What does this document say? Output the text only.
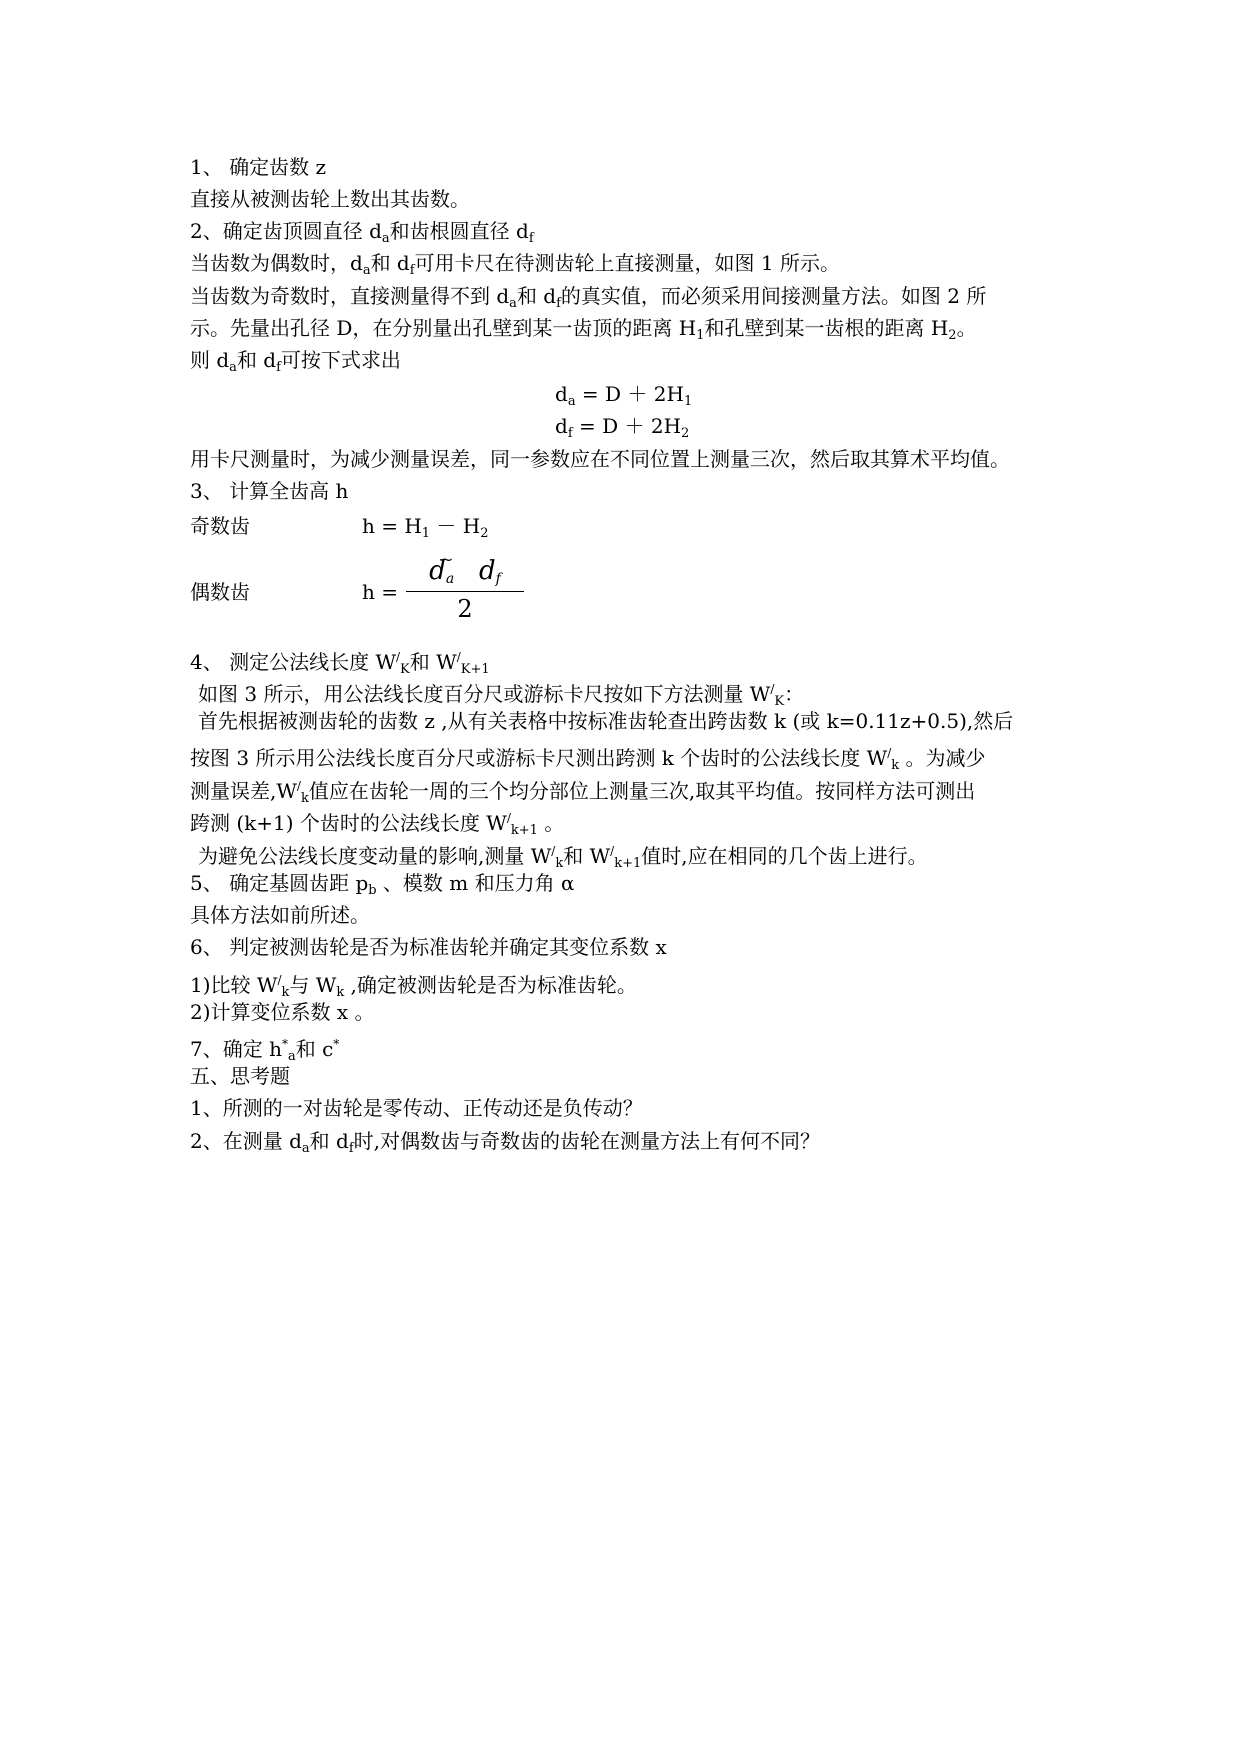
1、 确定齿数 z
直接从被测齿轮上数出其齿数。
2、确定齿顶圆直径 $d_a$和齿根圆直径 $d_f$
当齿数为偶数时，$d_a$和 $d_f$可用卡尺在待测齿轮上直接测量，如图 1 所示。
当齿数为奇数时，直接测量得不到 $d_a$和 $d_f$的真实值，而必须采用间接测量方法。如图 2 所
示。先量出孔径 D，在分别量出孔壁到某一齿顶的距离 $H_1$和孔壁到某一齿根的距离 $H_2$。
则 $d_a$和 $d_f$可按下式求出
$d_a = D + 2H_1$
$d_f = D + 2H_2$
用卡尺测量时，为减少测量误差，同一参数应在不同位置上测量三次，然后取其算术平均值。
3、 计算全齿高 h
奇数齿	$h = H_1 - H_2$
偶数齿	h =
$d_a$ $d_f$
~
2
4、 测定公法线长度 $W^/_K$和 $W^/_{K+1}$
如图 3 所示，用公法线长度百分尺或游标卡尺按如下方法测量 $W^/_K$：
首先根据被测齿轮的齿数 z ,从有关表格中按标准齿轮查出跨齿数 k (或 k=0.11z+0.5),然后
按图 3 所示用公法线长度百分尺或游标卡尺测出跨测 k 个齿时的公法线长度 $W^/_k$ 。为减少
测量误差$,W^/_k$值应在齿轮一周的三个均分部位上测量三次,取其平均值。按同样方法可测出
跨测 (k+1) 个齿时的公法线长度 $W^/_{k+1}$ 。
为避免公法线长度变动量的影响,测量 $W^/_k$和 $W^/_{k+1}$值时,应在相同的几个齿上进行。
5、 确定基圆齿距 $p_b$ 、模数 m 和压力角 α
具体方法如前所述。
6、 判定被测齿轮是否为标准齿轮并确定其变位系数 x
1)比较 $W^/_k$与 $W_k$ ,确定被测齿轮是否为标准齿轮。
2)计算变位系数 x 。
7、确定 $h^*_a$和 c*
五、思考题
1、所测的一对齿轮是零传动、正传动还是负传动？
2、在测量 $d_a$和 $d_f$时,对偶数齿与奇数齿的齿轮在测量方法上有何不同？
